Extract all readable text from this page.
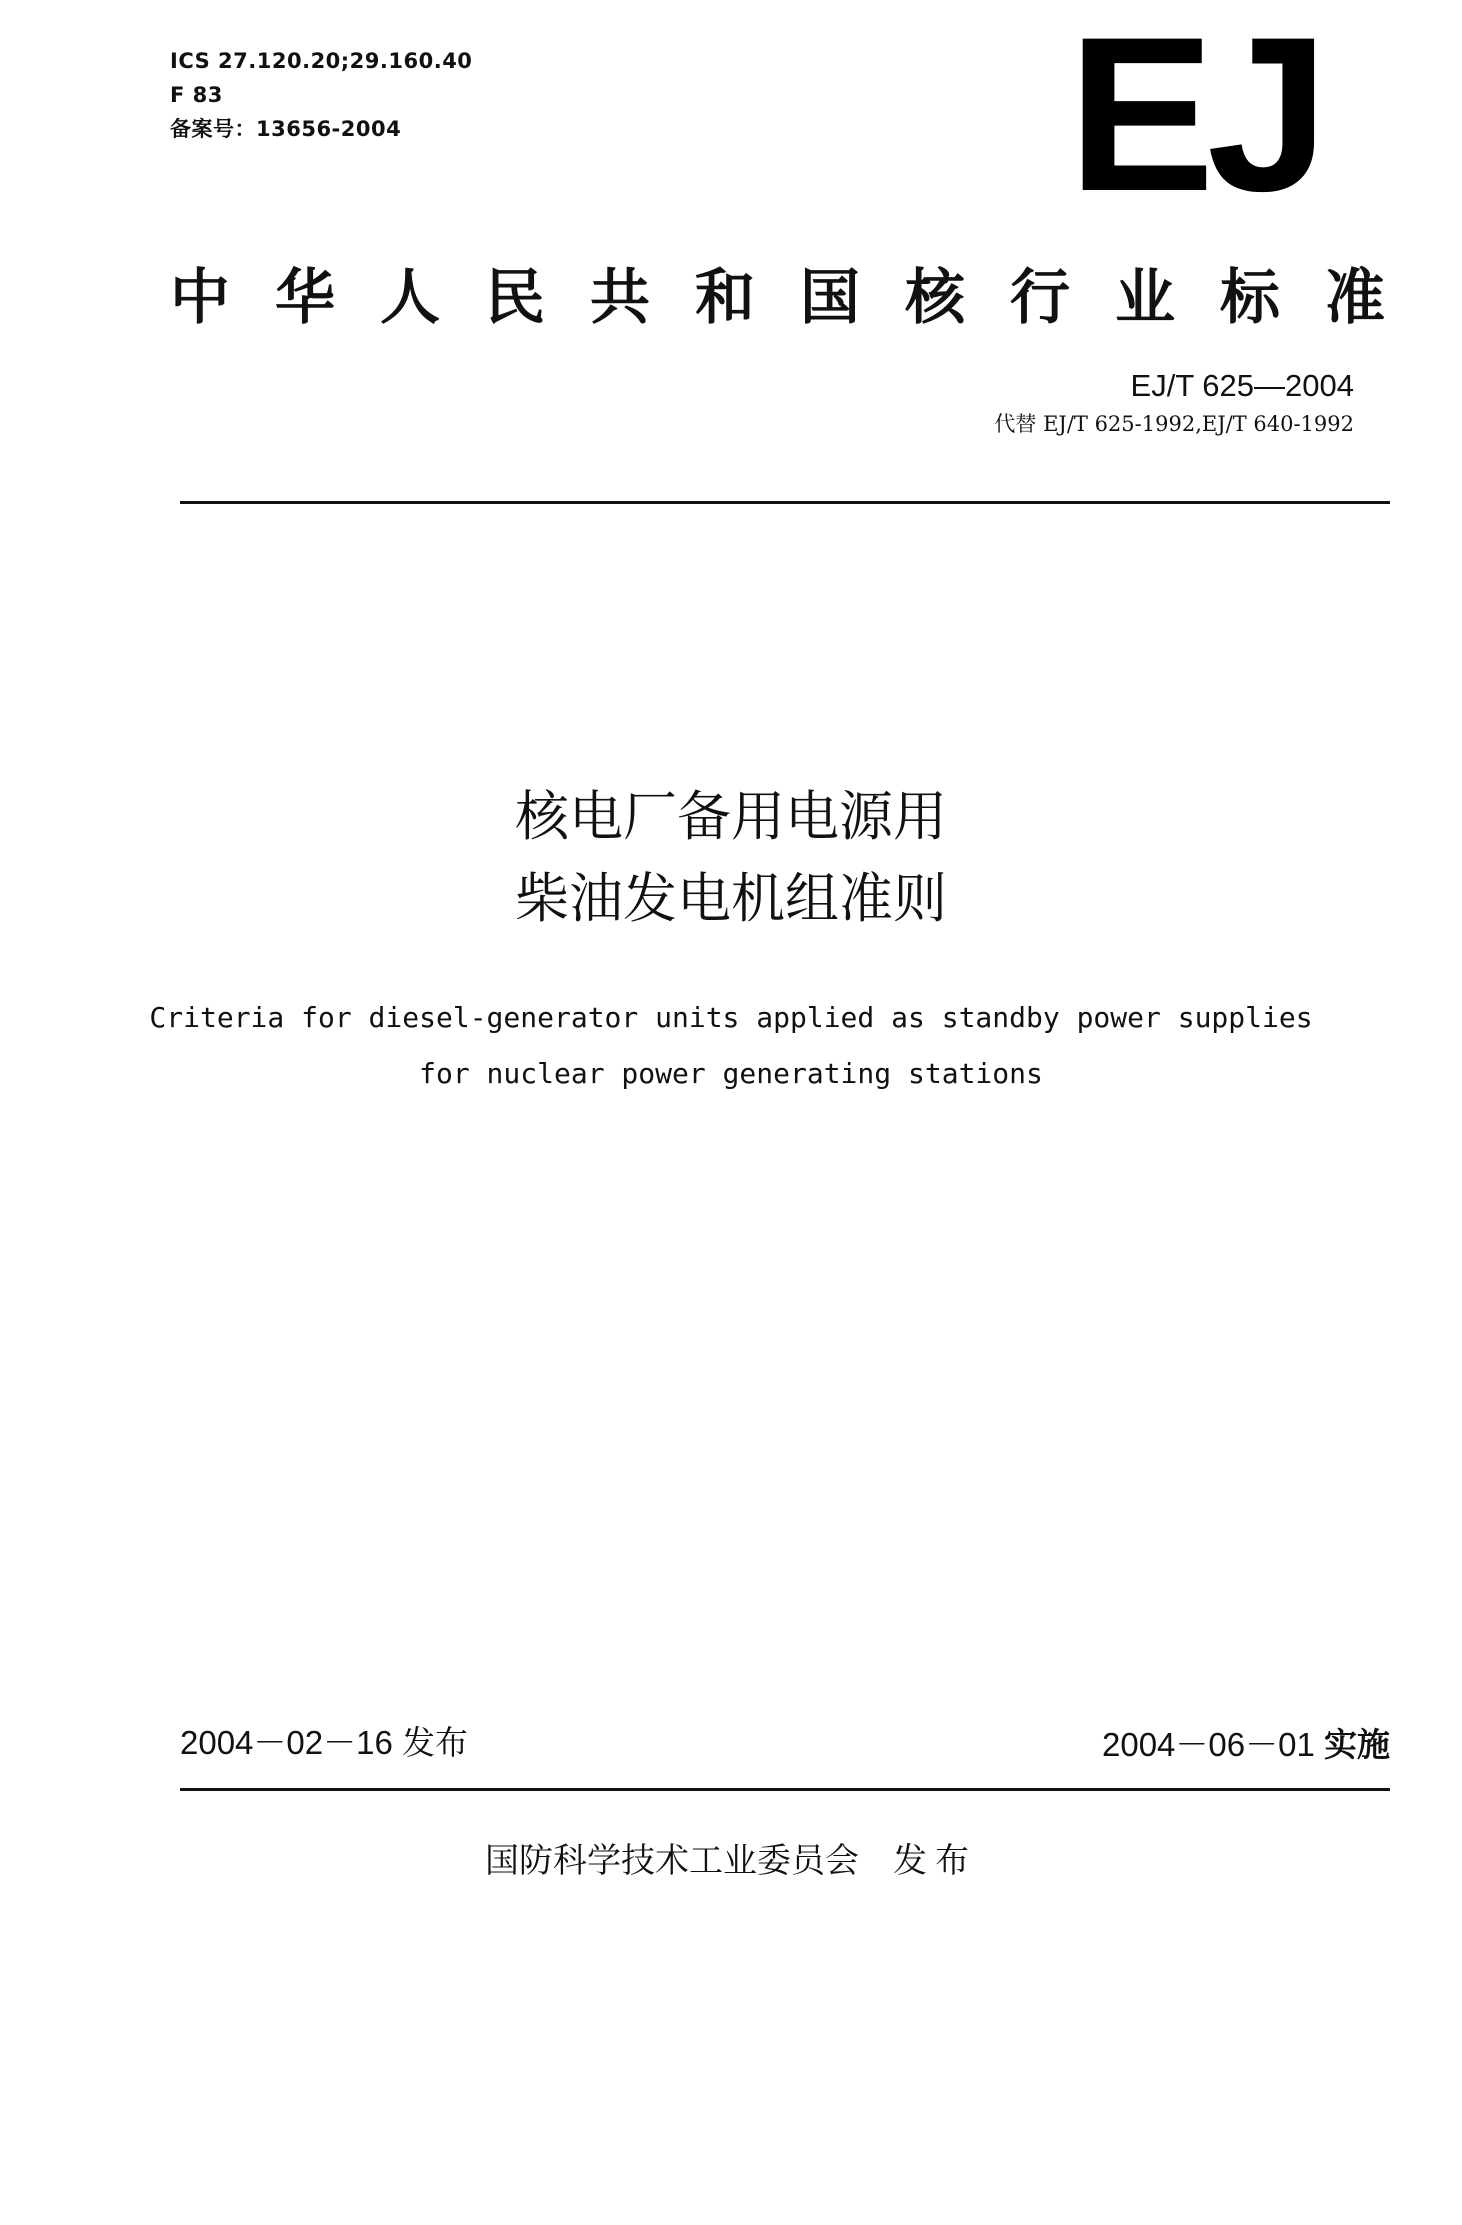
ICS 27.120.20;29.160.40
F 83
备案号：13656-2004	EJ
中 华 人 民 共 和 国 核 行 业 标 准
EJ/T 625—2004
代替 EJ/T 625-1992,EJ/T 640-1992
核电厂备用电源用
柴油发电机组准则
Criteria for diesel-generator units applied as standby power supplies
for nuclear power generating stations
2004－02－16 发布	2004－06－01 实施
国防科学技术工业委员会 发布
